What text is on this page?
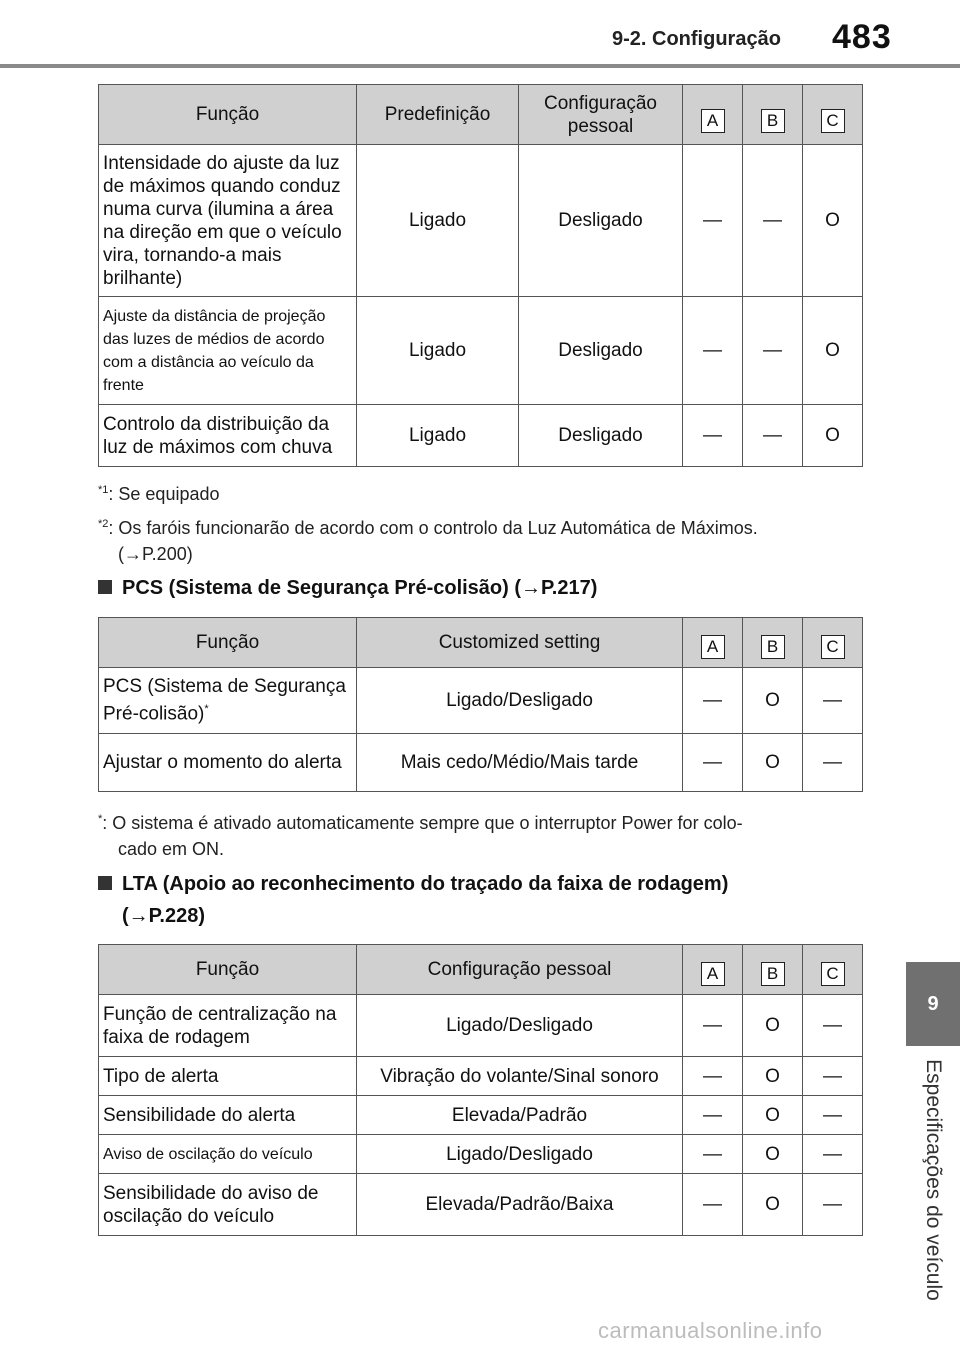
9-2. Configuração 483
9
Especificações do veículo
Função	Predefinição	Configuração pessoal	A	B	C
Intensidade do ajuste da luz de máximos quando conduz numa curva (ilumina a área na direção em que o veículo vira, tornando-a mais brilhante)	Ligado	Desligado	—	—	O
Ajuste da distância de projeção das luzes de médios de acordo com a distância ao veículo da frente	Ligado	Desligado	—	—	O
Controlo da distribuição da luz de máximos com chuva	Ligado	Desligado	—	—	O
$^{*1}$: Se equipado
$^{*2}$: Os faróis funcionarão de acordo com o controlo da Luz Automática de Máximos.
(→P.200)
PCS (Sistema de Segurança Pré-colisão) (→P.217)
Função	Customized setting	A	B	C
PCS (Sistema de Segurança Pré-colisão)*	Ligado/Desligado	—	O	—
Ajustar o momento do alerta	Mais cedo/Médio/Mais tarde	—	O	—
*: O sistema é ativado automaticamente sempre que o interruptor Power for colo-
cado em ON.
LTA (Apoio ao reconhecimento do traçado da faixa de rodagem)
(→P.228)
Função	Configuração pessoal	A	B	C
Função de centralização na faixa de rodagem	Ligado/Desligado	—	O	—
Tipo de alerta	Vibração do volante/Sinal sonoro	—	O	—
Sensibilidade do alerta	Elevada/Padrão	—	O	—
Aviso de oscilação do veículo	Ligado/Desligado	—	O	—
Sensibilidade do aviso de oscilação do veículo	Elevada/Padrão/Baixa	—	O	—
carmanualsonline.info
